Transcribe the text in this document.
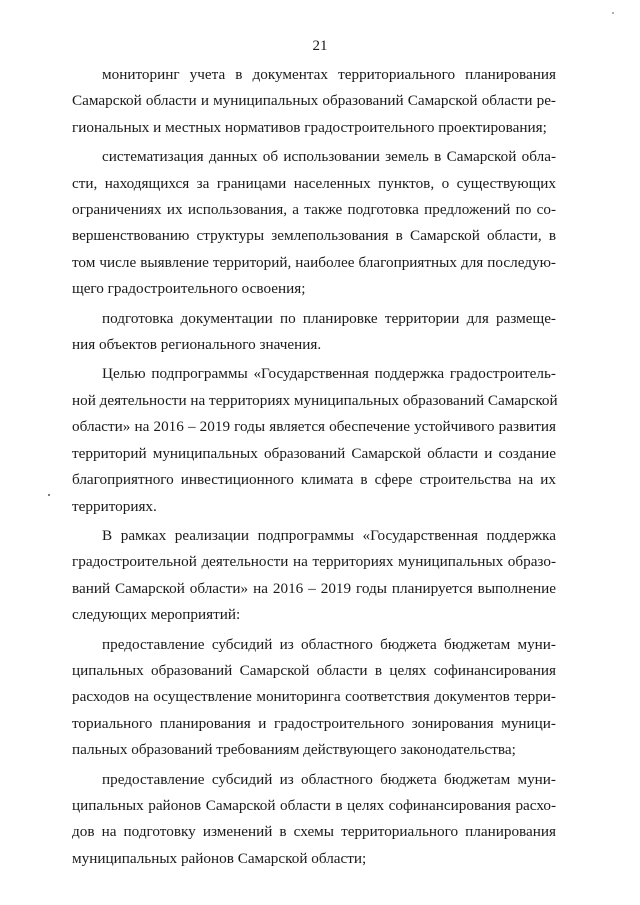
21
мониторинг учета в документах территориального планирования
Самарской области и муниципальных образований Самарской области ре-
гиональных и местных нормативов градостроительного проектирования;
систематизация данных об использовании земель в Самарской обла-
сти, находящихся за границами населенных пунктов, о существующих
ограничениях их использования, а также подготовка предложений по со-
вершенствованию структуры землепользования в Самарской области, в
том числе выявление территорий, наиболее благоприятных для последую-
щего градостроительного освоения;
подготовка документации по планировке территории для размеще-
ния объектов регионального значения.
Целью подпрограммы «Государственная поддержка градостроитель-
ной деятельности на территориях муниципальных образований Самарской
области» на 2016 – 2019 годы является обеспечение устойчивого развития
территорий муниципальных образований Самарской области и создание
благоприятного инвестиционного климата в сфере строительства на их
территориях.
В рамках реализации подпрограммы «Государственная поддержка
градостроительной деятельности на территориях муниципальных образо-
ваний Самарской области» на 2016 – 2019 годы планируется выполнение
следующих мероприятий:
предоставление субсидий из областного бюджета бюджетам муни-
ципальных образований Самарской области в целях софинансирования
расходов на осуществление мониторинга соответствия документов терри-
ториального планирования и градостроительного зонирования муници-
пальных образований требованиям действующего законодательства;
предоставление субсидий из областного бюджета бюджетам муни-
ципальных районов Самарской области в целях софинансирования расхо-
дов на подготовку изменений в схемы территориального планирования
муниципальных районов Самарской области;
